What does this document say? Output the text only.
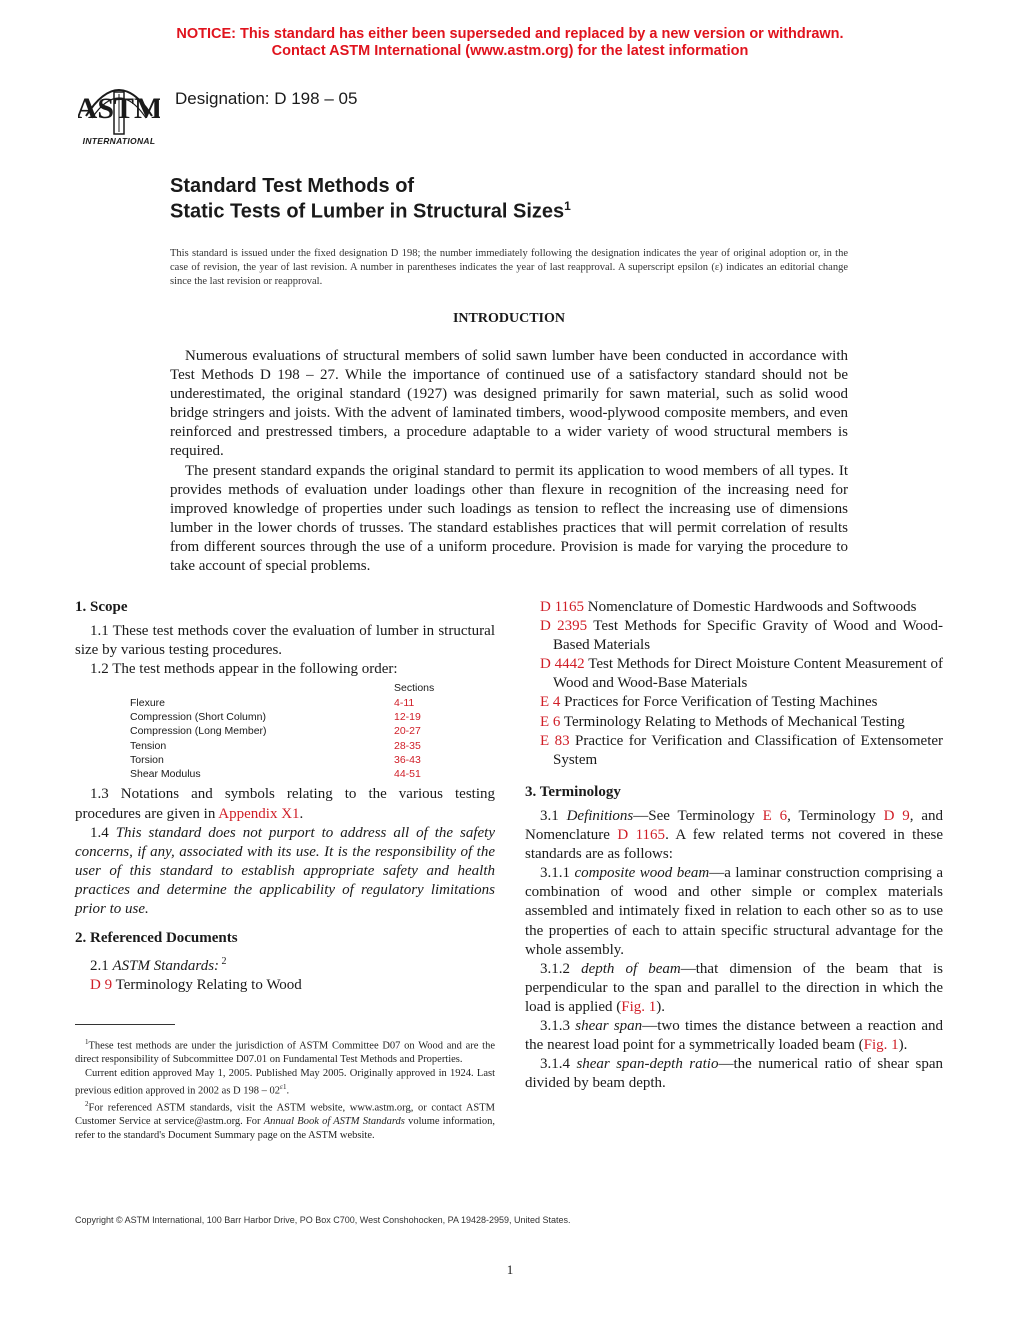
NOTICE: This standard has either been superseded and replaced by a new version or withdrawn.
Contact ASTM International (www.astm.org) for the latest information
ASTM
INTERNATIONAL
Designation: D 198 – 05
Standard Test Methods of
Static Tests of Lumber in Structural Sizes$^1$
This standard is issued under the fixed designation D 198; the number immediately following the designation indicates the year of original adoption or, in the case of revision, the year of last revision. A number in parentheses indicates the year of last reapproval. A superscript epsilon (ε) indicates an editorial change since the last revision or reapproval.
INTRODUCTION

Numerous evaluations of structural members of solid sawn lumber have been conducted in accordance with Test Methods D 198 – 27. While the importance of continued use of a satisfactory standard should not be underestimated, the original standard (1927) was designed primarily for sawn material, such as solid wood bridge stringers and joists. With the advent of laminated timbers, wood-plywood composite members, and even reinforced and prestressed timbers, a procedure adaptable to a wider variety of wood structural members is required.

The present standard expands the original standard to permit its application to wood members of all types. It provides methods of evaluation under loadings other than flexure in recognition of the increasing need for improved knowledge of properties under such loadings as tension to reflect the increasing use of dimensions lumber in the lower chords of trusses. The standard establishes practices that will permit correlation of results from different sources through the use of a uniform procedure. Provision is made for varying the procedure to take account of special problems.

1. Scope

1.1 These test methods cover the evaluation of lumber in structural size by various testing procedures.

1.2 The test methods appear in the following order:

Sections
Flexure	4-11
Compression (Short Column)	12-19
Compression (Long Member)	20-27
Tension	28-35
Torsion	36-43
Shear Modulus	44-51

1.3 Notations and symbols relating to the various testing procedures are given in Appendix X1.

1.4 This standard does not purport to address all of the safety concerns, if any, associated with its use. It is the responsibility of the user of this standard to establish appropriate safety and health practices and determine the applicability of regulatory limitations prior to use.

2. Referenced Documents

2.1 ASTM Standards: $^2$

D 9 Terminology Relating to Wood

$^1$These test methods are under the jurisdiction of ASTM Committee D07 on Wood and are the direct responsibility of Subcommittee D07.01 on Fundamental Test Methods and Properties.

Current edition approved May 1, 2005. Published May 2005. Originally approved in 1924. Last previous edition approved in 2002 as D $198 - 02^{\varepsilon 1}$.

$^2$For referenced ASTM standards, visit the ASTM website, www.astm.org, or contact ASTM Customer Service at service@astm.org. For Annual Book of ASTM Standards volume information, refer to the standard's Document Summary page on the ASTM website.

D 1165 Nomenclature of Domestic Hardwoods and Softwoods

D 2395 Test Methods for Specific Gravity of Wood and Wood-Based Materials

D 4442 Test Methods for Direct Moisture Content Measurement of Wood and Wood-Base Materials

E 4 Practices for Force Verification of Testing Machines

E 6 Terminology Relating to Methods of Mechanical Testing

E 83 Practice for Verification and Classification of Extensometer System

3. Terminology

3.1 Definitions—See Terminology E 6, Terminology D 9, and Nomenclature D 1165. A few related terms not covered in these standards are as follows:

3.1.1 composite wood beam—a laminar construction comprising a combination of wood and other simple or complex materials assembled and intimately fixed in relation to each other so as to use the properties of each to attain specific structural advantage for the whole assembly.

3.1.2 depth of beam—that dimension of the beam that is perpendicular to the span and parallel to the direction in which the load is applied (Fig. 1).

3.1.3 shear span—two times the distance between a reaction and the nearest load point for a symmetrically loaded beam (Fig. 1).

3.1.4 shear span-depth ratio—the numerical ratio of shear span divided by beam depth.

Copyright © ASTM International, 100 Barr Harbor Drive, PO Box C700, West Conshohocken, PA 19428-2959, United States.
1
